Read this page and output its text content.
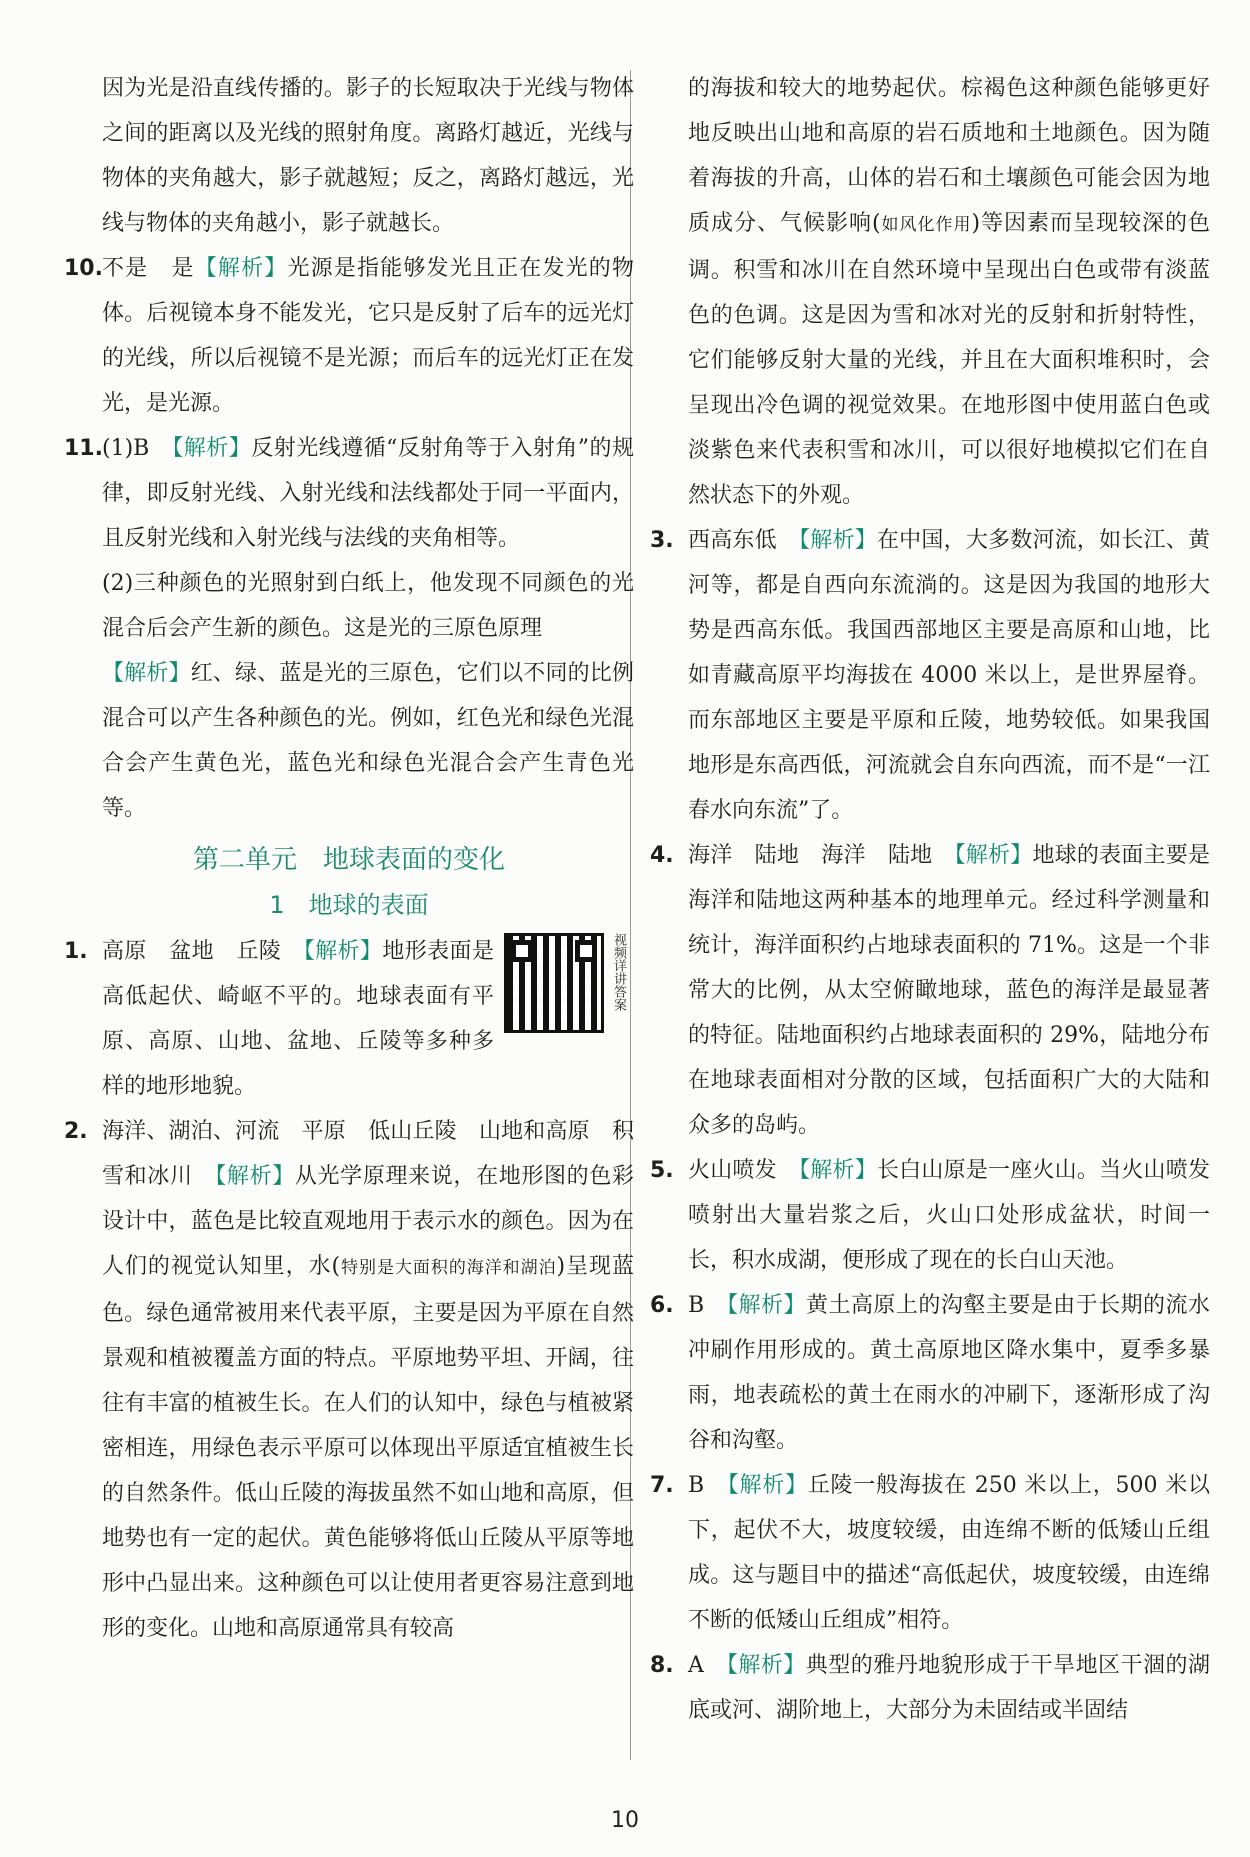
因为光是沿直线传播的。影子的长短取决于光线与物体之间的距离以及光线的照射角度。离路灯越近，光线与物体的夹角越大，影子就越短；反之，离路灯越远，光线与物体的夹角越小，影子就越长。

10. 不是　是【解析】光源是指能够发光且正在发光的物体。后视镜本身不能发光，它只是反射了后车的远光灯的光线，所以后视镜不是光源；而后车的远光灯正在发光，是光源。

11. (1)B　【解析】反射光线遵循“反射角等于入射角”的规律，即反射光线、入射光线和法线都处于同一平面内，且反射光线和入射光线与法线的夹角相等。

(2)三种颜色的光照射到白纸上，他发现不同颜色的光混合后会产生新的颜色。这是光的三原色原理

【解析】红、绿、蓝是光的三原色，它们以不同的比例混合可以产生各种颜色的光。例如，红色光和绿色光混合会产生黄色光，蓝色光和绿色光混合会产生青色光等。

第二单元　地球表面的变化
1　地球的表面
视频详讲答案

1. 高原　盆地　丘陵　【解析】地形表面是高低起伏、崎岖不平的。地球表面有平原、高原、山地、盆地、丘陵等多种多样的地形地貌。

2. 海洋、湖泊、河流　平原　低山丘陵　山地和高原　积雪和冰川　【解析】从光学原理来说，在地形图的色彩设计中，蓝色是比较直观地用于表示水的颜色。因为在人们的视觉认知里，水(特别是大面积的海洋和湖泊)呈现蓝色。绿色通常被用来代表平原，主要是因为平原在自然景观和植被覆盖方面的特点。平原地势平坦、开阔，往往有丰富的植被生长。在人们的认知中，绿色与植被紧密相连，用绿色表示平原可以体现出平原适宜植被生长的自然条件。低山丘陵的海拔虽然不如山地和高原，但地势也有一定的起伏。黄色能够将低山丘陵从平原等地形中凸显出来。这种颜色可以让使用者更容易注意到地形的变化。山地和高原通常具有较高

的海拔和较大的地势起伏。棕褐色这种颜色能够更好地反映出山地和高原的岩石质地和土地颜色。因为随着海拔的升高，山体的岩石和土壤颜色可能会因为地质成分、气候影响(如风化作用)等因素而呈现较深的色调。积雪和冰川在自然环境中呈现出白色或带有淡蓝色的色调。这是因为雪和冰对光的反射和折射特性，它们能够反射大量的光线，并且在大面积堆积时，会呈现出冷色调的视觉效果。在地形图中使用蓝白色或淡紫色来代表积雪和冰川，可以很好地模拟它们在自然状态下的外观。

3. 西高东低　【解析】在中国，大多数河流，如长江、黄河等，都是自西向东流淌的。这是因为我国的地形大势是西高东低。我国西部地区主要是高原和山地，比如青藏高原平均海拔在 4000 米以上，是世界屋脊。而东部地区主要是平原和丘陵，地势较低。如果我国地形是东高西低，河流就会自东向西流，而不是“一江春水向东流”了。

4. 海洋　陆地　海洋　陆地　【解析】地球的表面主要是海洋和陆地这两种基本的地理单元。经过科学测量和统计，海洋面积约占地球表面积的 71%。这是一个非常大的比例，从太空俯瞰地球，蓝色的海洋是最显著的特征。陆地面积约占地球表面积的 29%，陆地分布在地球表面相对分散的区域，包括面积广大的大陆和众多的岛屿。

5. 火山喷发　【解析】长白山原是一座火山。当火山喷发喷射出大量岩浆之后，火山口处形成盆状，时间一长，积水成湖，便形成了现在的长白山天池。

6. B　【解析】黄土高原上的沟壑主要是由于长期的流水冲刷作用形成的。黄土高原地区降水集中，夏季多暴雨，地表疏松的黄土在雨水的冲刷下，逐渐形成了沟谷和沟壑。

7. B　【解析】丘陵一般海拔在 250 米以上，500 米以下，起伏不大，坡度较缓，由连绵不断的低矮山丘组成。这与题目中的描述“高低起伏，坡度较缓，由连绵不断的低矮山丘组成”相符。

8. A　【解析】典型的雅丹地貌形成于干旱地区干涸的湖底或河、湖阶地上，大部分为未固结或半固结

10
